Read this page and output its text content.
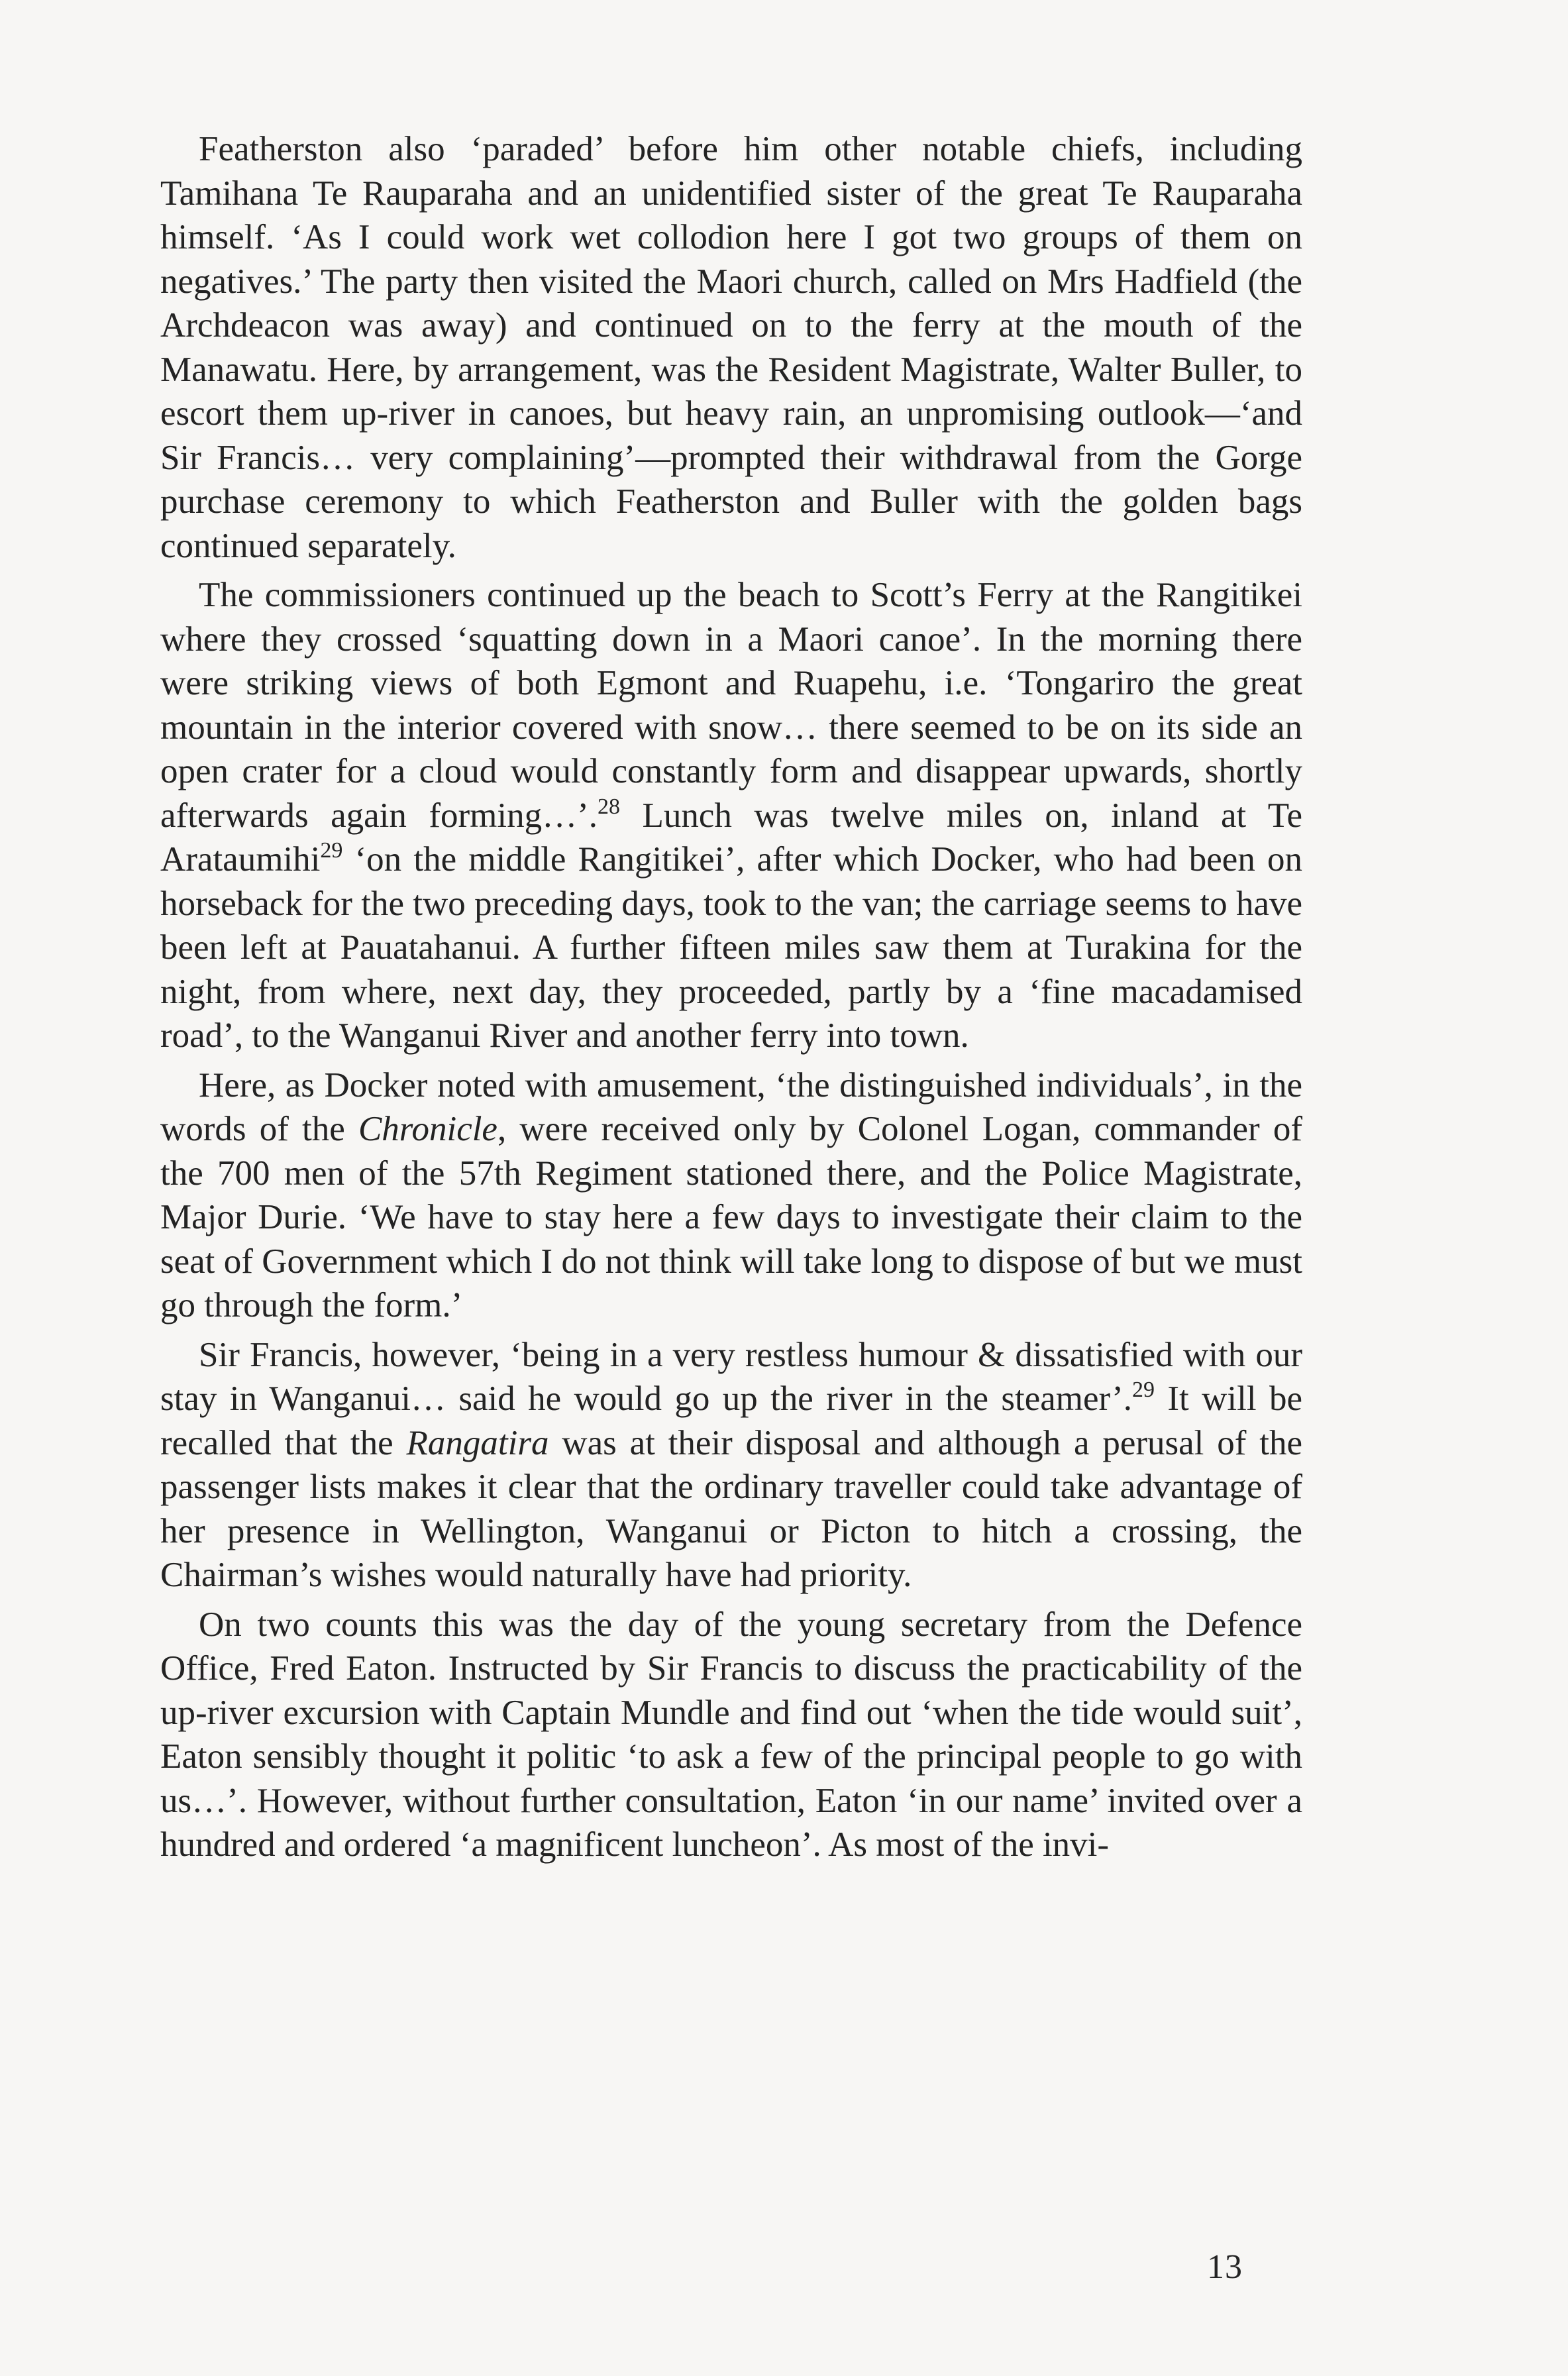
Featherston also ‘paraded’ before him other notable chiefs, including Tamihana Te Rauparaha and an unidentified sister of the great Te Rauparaha himself. ‘As I could work wet collodion here I got two groups of them on negatives.’ The party then visited the Maori church, called on Mrs Hadfield (the Archdeacon was away) and continued on to the ferry at the mouth of the Manawatu. Here, by arrangement, was the Resident Magistrate, Walter Buller, to escort them up-river in canoes, but heavy rain, an unpromising outlook—‘and Sir Francis… very complaining’—prompted their withdrawal from the Gorge purchase ceremony to which Featherston and Buller with the golden bags continued separately.

The commissioners continued up the beach to Scott’s Ferry at the Rangitikei where they crossed ‘squatting down in a Maori canoe’. In the morning there were striking views of both Egmont and Ruapehu, i.e. ‘Tongariro the great mountain in the interior covered with snow… there seemed to be on its side an open crater for a cloud would constantly form and disappear upwards, shortly afterwards again forming…’.$^{28}$ Lunch was twelve miles on, inland at Te Arataumihi$^{29}$ ‘on the middle Rangitikei’, after which Docker, who had been on horseback for the two preceding days, took to the van; the carriage seems to have been left at Pauatahanui. A further fifteen miles saw them at Turakina for the night, from where, next day, they proceeded, partly by a ‘fine macadamised road’, to the Wanganui River and another ferry into town.

Here, as Docker noted with amusement, ‘the distinguished individuals’, in the words of the Chronicle, were received only by Colonel Logan, commander of the 700 men of the 57th Regiment stationed there, and the Police Magistrate, Major Durie. ‘We have to stay here a few days to investigate their claim to the seat of Government which I do not think will take long to dispose of but we must go through the form.’

Sir Francis, however, ‘being in a very restless humour & dissatisfied with our stay in Wanganui… said he would go up the river in the steamer’.$^{29}$ It will be recalled that the Rangatira was at their disposal and although a perusal of the passenger lists makes it clear that the ordinary traveller could take advantage of her presence in Wellington, Wanganui or Picton to hitch a crossing, the Chairman’s wishes would naturally have had priority.

On two counts this was the day of the young secretary from the Defence Office, Fred Eaton. Instructed by Sir Francis to discuss the practicability of the up-river excursion with Captain Mundle and find out ‘when the tide would suit’, Eaton sensibly thought it politic ‘to ask a few of the principal people to go with us…’. However, without further consultation, Eaton ‘in our name’ invited over a hundred and ordered ‘a magnificent luncheon’. As most of the invi-

13
